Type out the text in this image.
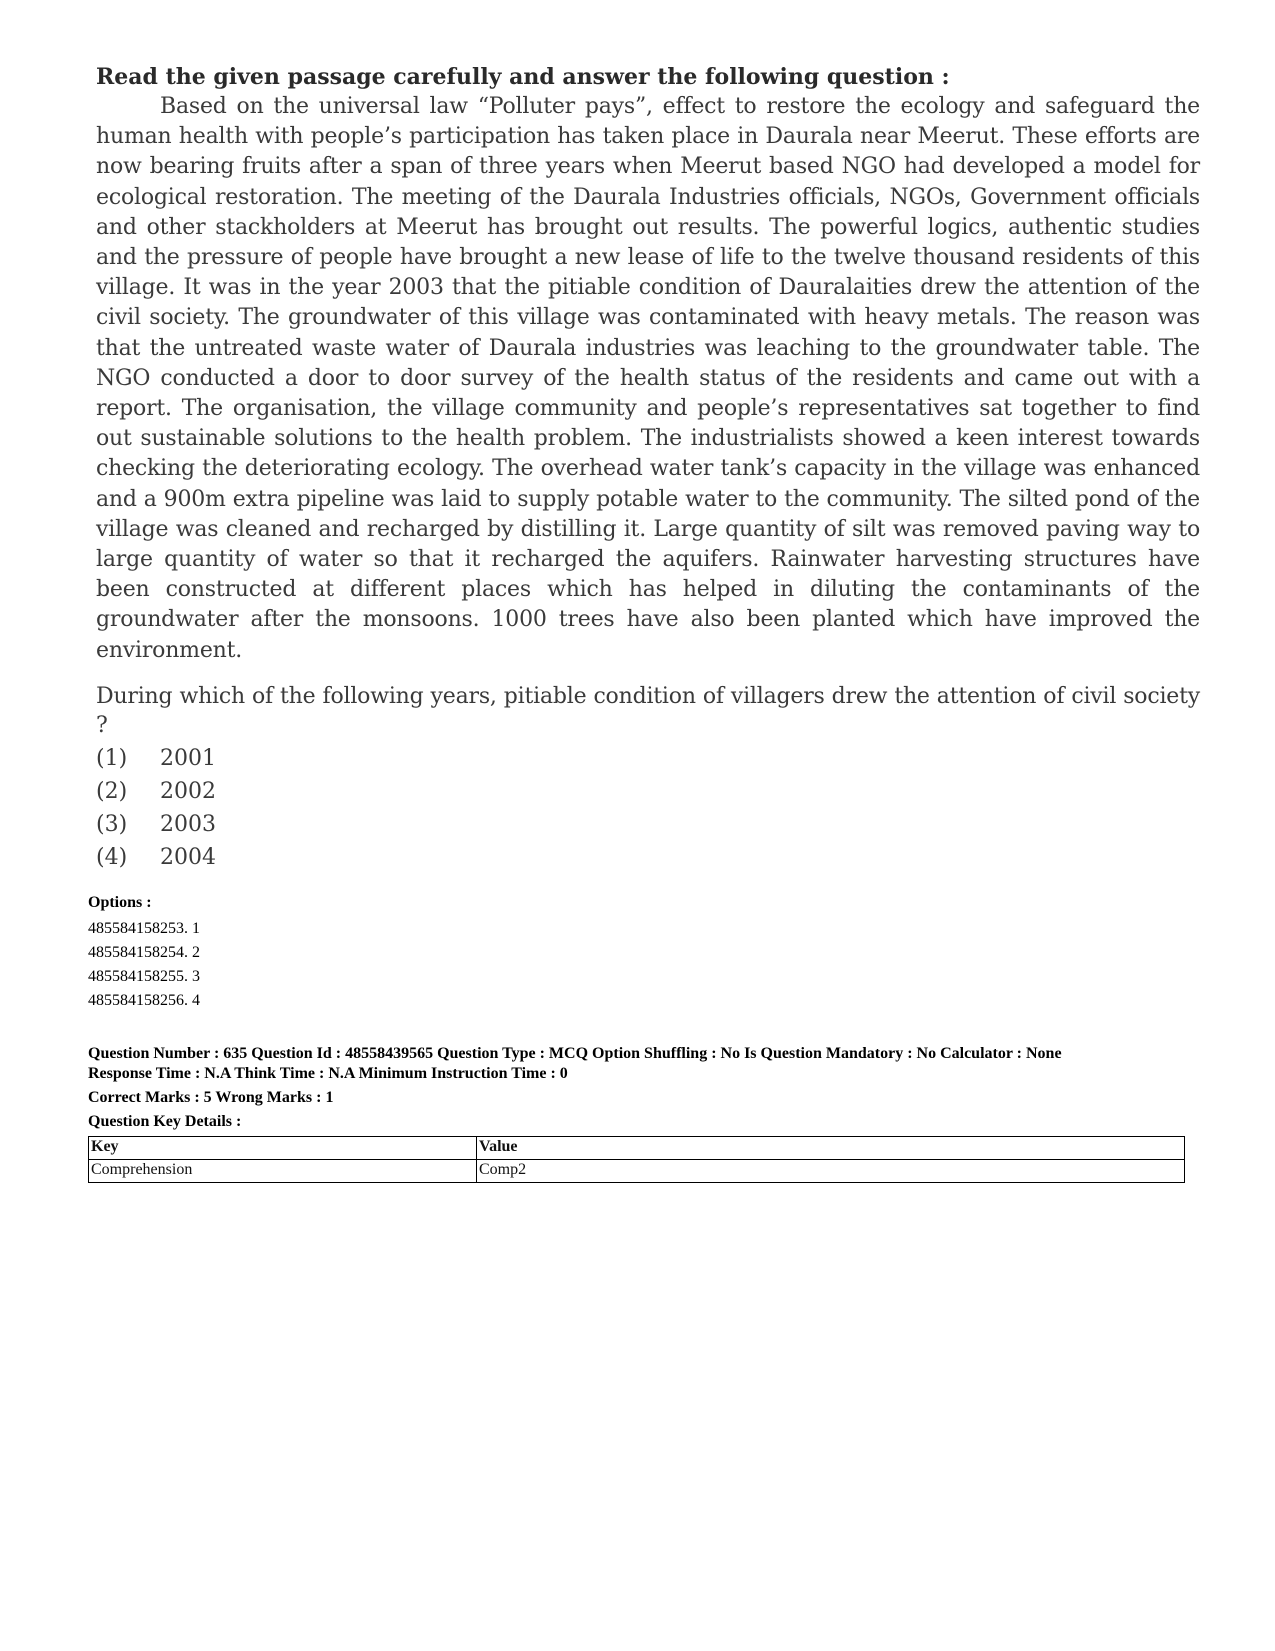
Read the given passage carefully and answer the following question :

Based on the universal law “Polluter pays”, effect to restore the ecology and safeguard the human health with people’s participation has taken place in Daurala near Meerut. These efforts are now bearing fruits after a span of three years when Meerut based NGO had developed a model for ecological restoration. The meeting of the Daurala Industries officials, NGOs, Government officials and other stackholders at Meerut has brought out results. The powerful logics, authentic studies and the pressure of people have brought a new lease of life to the twelve thousand residents of this village. It was in the year 2003 that the pitiable condition of Dauralaities drew the attention of the civil society. The groundwater of this village was contaminated with heavy metals. The reason was that the untreated waste water of Daurala industries was leaching to the groundwater table. The NGO conducted a door to door survey of the health status of the residents and came out with a report. The organisation, the village community and people’s representatives sat together to find out sustainable solutions to the health problem. The industrialists showed a keen interest towards checking the deteriorating ecology. The overhead water tank’s capacity in the village was enhanced and a 900m extra pipeline was laid to supply potable water to the community. The silted pond of the village was cleaned and recharged by distilling it. Large quantity of silt was removed paving way to large quantity of water so that it recharged the aquifers. Rainwater harvesting structures have been constructed at different places which has helped in diluting the contaminants of the groundwater after the monsoons. 1000 trees have also been planted which have improved the environment.

During which of the following years, pitiable condition of villagers drew the attention of civil society ?

(1)	2001
(2)	2002
(3)	2003
(4)	2004
Options :
485584158253. 1
485584158254. 2
485584158255. 3
485584158256. 4
Question Number : 635 Question Id : 48558439565 Question Type : MCQ Option Shuffling : No Is Question Mandatory : No Calculator : None
Response Time : N.A Think Time : N.A Minimum Instruction Time : 0
Correct Marks : 5 Wrong Marks : 1
Question Key Details :
Key	Value
Comprehension	Comp2
